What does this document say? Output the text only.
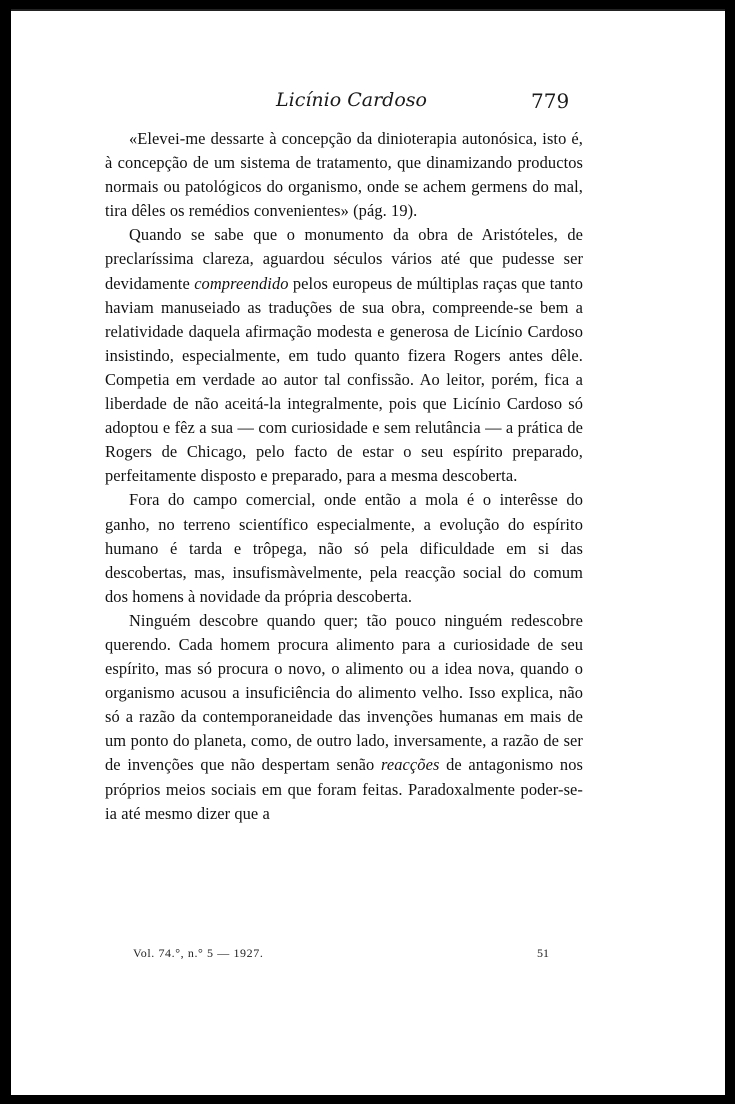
Licínio Cardoso	779

«Elevei-me dessarte à concepção da dinioterapia autonósica, isto é, à concepção de um sistema de tratamento, que dinamizando productos normais ou patológicos do organismo, onde se achem germens do mal, tira dêles os remédios convenientes» (pág. 19).

Quando se sabe que o monumento da obra de Aristóteles, de preclaríssima clareza, aguardou séculos vários até que pudesse ser devidamente compreendido pelos europeus de múltiplas raças que tanto haviam manuseiado as traduções de sua obra, compreende-se bem a relatividade daquela afirmação modesta e generosa de Licínio Cardoso insistindo, especialmente, em tudo quanto fizera Rogers antes dêle. Competia em verdade ao autor tal confissão. Ao leitor, porém, fica a liberdade de não aceitá-la integralmente, pois que Licínio Cardoso só adoptou e fêz a sua — com curiosidade e sem relutância — a prática de Rogers de Chicago, pelo facto de estar o seu espírito preparado, perfeitamente disposto e preparado, para a mesma descoberta.

Fora do campo comercial, onde então a mola é o interêsse do ganho, no terreno scientífico especialmente, a evolução do espírito humano é tarda e trôpega, não só pela dificuldade em si das descobertas, mas, insufismàvelmente, pela reacção social do comum dos homens à novidade da própria descoberta.

Ninguém descobre quando quer; tão pouco ninguém redescobre querendo. Cada homem procura alimento para a curiosidade de seu espírito, mas só procura o novo, o alimento ou a idea nova, quando o organismo acusou a insuficiência do alimento velho. Isso explica, não só a razão da contemporaneidade das invenções humanas em mais de um ponto do planeta, como, de outro lado, inversamente, a razão de ser de invenções que não despertam senão reacções de antagonismo nos próprios meios sociais em que foram feitas. Paradoxalmente poder-se-ia até mesmo dizer que a

Vol. 74.°, n.° 5 — 1927.	51
